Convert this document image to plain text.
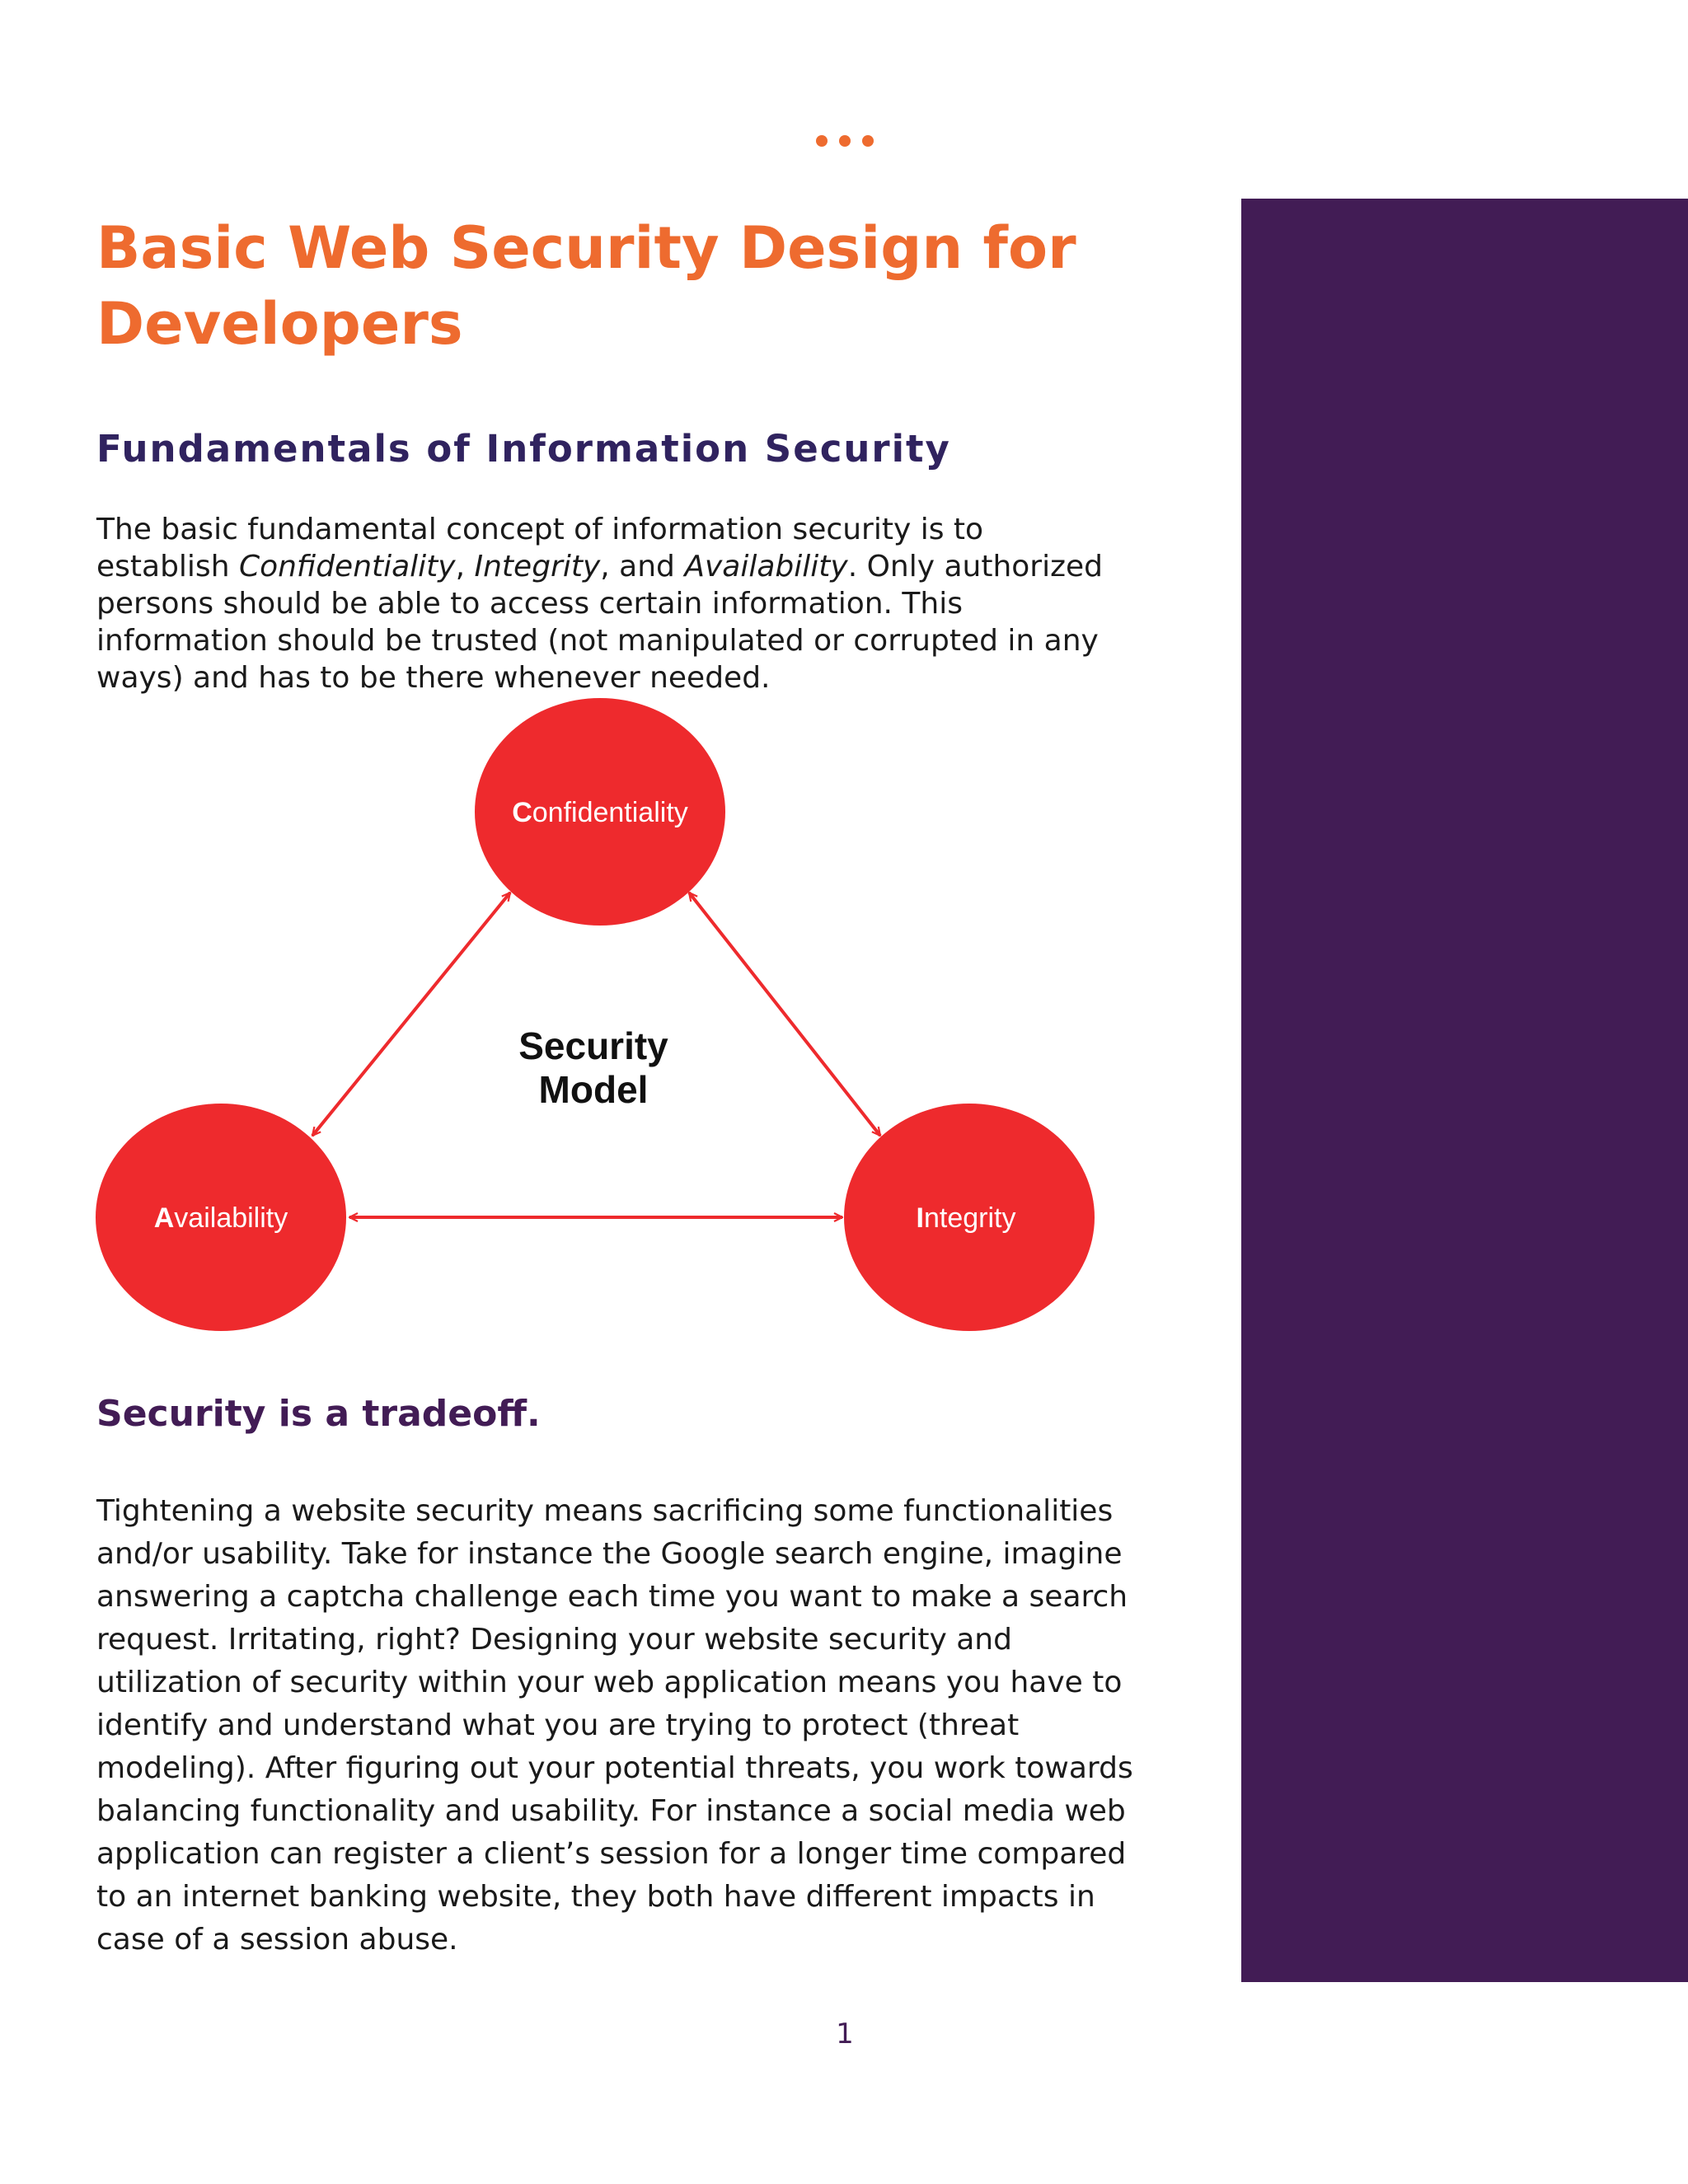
Basic Web Security Design for Developers
Fundamentals of Information Security

The basic fundamental concept of information security is to establish Confidentiality, Integrity, and Availability. Only authorized persons should be able to access certain information. This information should be trusted (not manipulated or corrupted in any ways) and has to be there whenever needed.

Confidentiality
Availability	Integrity
Security
Model
Security is a tradeoff.

Tightening a website security means sacrificing some functionalities and/or usability. Take for instance the Google search engine, imagine answering a captcha challenge each time you want to make a search request. Irritating, right? Designing your website security and utilization of security within your web application means you have to identify and understand what you are trying to protect (threat modeling). After figuring out your potential threats, you work towards balancing functionality and usability. For instance a social media web application can register a client’s session for a longer time compared to an internet banking website, they both have different impacts in case of a session abuse.

1
